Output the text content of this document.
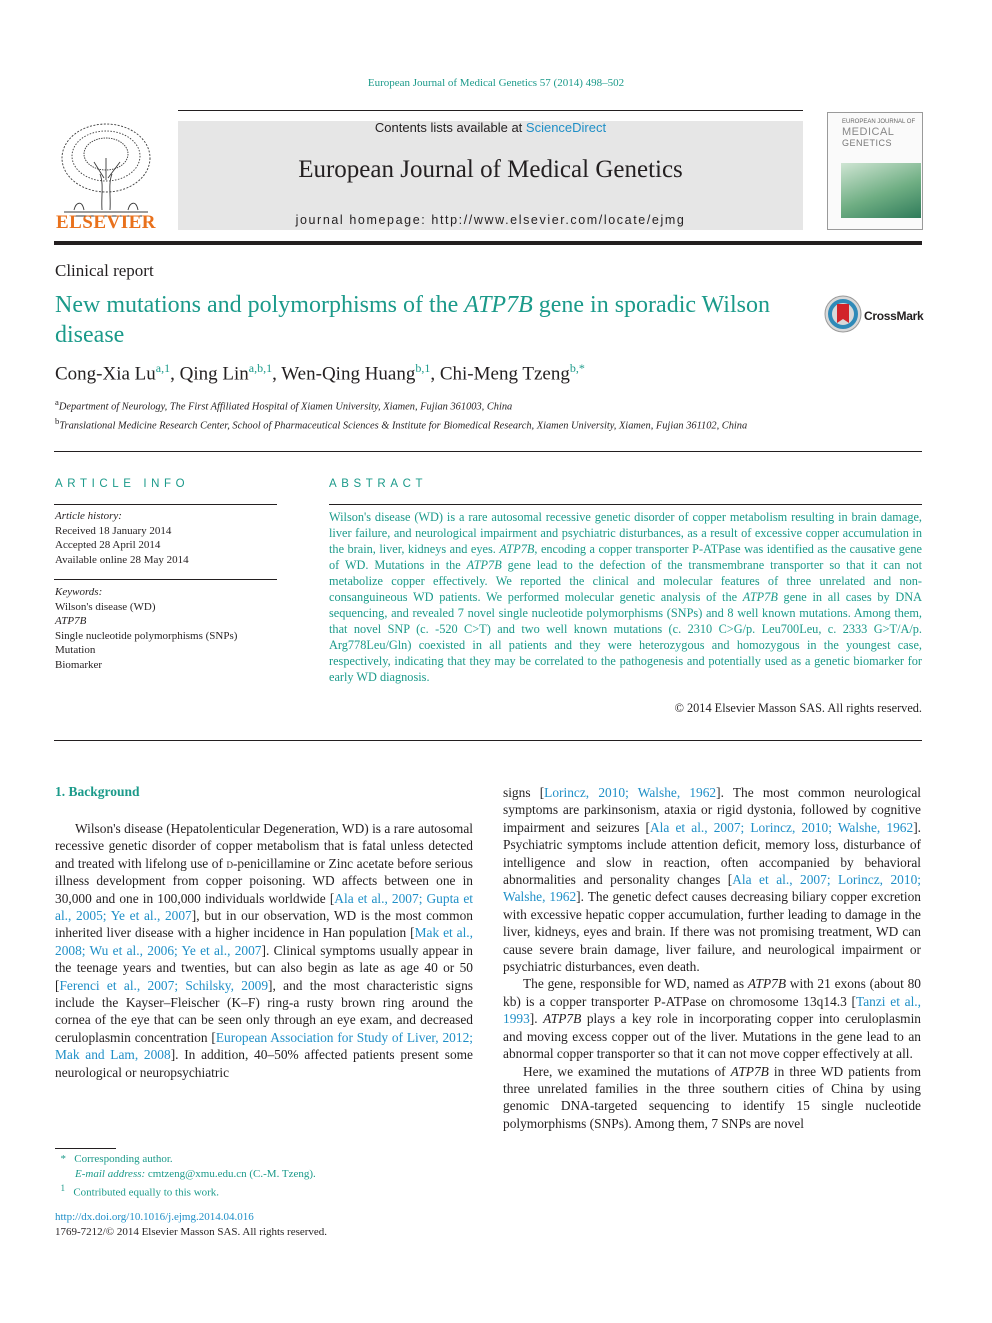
European Journal of Medical Genetics 57 (2014) 498–502
ELSEVIER
Contents lists available at ScienceDirect
European Journal of Medical Genetics
journal homepage: http://www.elsevier.com/locate/ejmg
EUROPEAN JOURNAL OF
MEDICAL
GENETICS
Clinical report
New mutations and polymorphisms of the ATP7B gene in sporadic Wilson disease
CrossMark
Cong-Xia Lu$^{a,1}$, Qing Lin$^{a,b,1}$, Wen-Qing Huang$^{b,1}$, Chi-Meng Tzeng$^{b,*}$
$^a$Department of Neurology, The First Affiliated Hospital of Xiamen University, Xiamen, Fujian 361003, China
$^b$Translational Medicine Research Center, School of Pharmaceutical Sciences & Institute for Biomedical Research, Xiamen University, Xiamen, Fujian 361102, China
ARTICLE INFO
Article history:
Received 18 January 2014
Accepted 28 April 2014
Available online 28 May 2014
Keywords:
Wilson's disease (WD)
ATP7B
Single nucleotide polymorphisms (SNPs)
Mutation
Biomarker
ABSTRACT
Wilson's disease (WD) is a rare autosomal recessive genetic disorder of copper metabolism resulting in brain damage, liver failure, and neurological impairment and psychiatric disturbances, as a result of excessive copper accumulation in the brain, liver, kidneys and eyes. ATP7B, encoding a copper transporter P-ATPase was identified as the causative gene of WD. Mutations in the ATP7B gene lead to the defection of the transmembrane transporter so that it can not metabolize copper effectively. We reported the clinical and molecular features of three unrelated and non-consanguineous WD patients. We performed molecular genetic analysis of the ATP7B gene in all cases by DNA sequencing, and revealed 7 novel single nucleotide polymorphisms (SNPs) and 8 well known mutations. Among them, that novel SNP (c. -520 C>T) and two well known mutations (c. 2310 C>G/p. Leu700Leu, c. 2333 G>T/A/p. Arg778Leu/Gln) coexisted in all patients and they were heterozygous and homozygous in the youngest case, respectively, indicating that they may be correlated to the pathogenesis and potentially used as a genetic biomarker for early WD diagnosis.
© 2014 Elsevier Masson SAS. All rights reserved.
1. Background

Wilson's disease (Hepatolenticular Degeneration, WD) is a rare autosomal recessive genetic disorder of copper metabolism that is fatal unless detected and treated with lifelong use of d-penicillamine or Zinc acetate before serious illness development from copper poisoning. WD affects between one in 30,000 and one in 100,000 individuals worldwide [Ala et al., 2007; Gupta et al., 2005; Ye et al., 2007], but in our observation, WD is the most common inherited liver disease with a higher incidence in Han population [Mak et al., 2008; Wu et al., 2006; Ye et al., 2007]. Clinical symptoms usually appear in the teenage years and twenties, but can also begin as late as age 40 or 50 [Ferenci et al., 2007; Schilsky, 2009], and the most characteristic signs include the Kayser–Fleischer (K–F) ring-a rusty brown ring around the cornea of the eye that can be seen only through an eye exam, and decreased ceruloplasmin concentration [European Association for Study of Liver, 2012; Mak and Lam, 2008]. In addition, 40–50% affected patients present some neurological or neuropsychiatric

signs [Lorincz, 2010; Walshe, 1962]. The most common neurological symptoms are parkinsonism, ataxia or rigid dystonia, followed by cognitive impairment and seizures [Ala et al., 2007; Lorincz, 2010; Walshe, 1962]. Psychiatric symptoms include attention deficit, memory loss, disturbance of intelligence and slow in reaction, often accompanied by behavioral abnormalities and personality changes [Ala et al., 2007; Lorincz, 2010; Walshe, 1962]. The genetic defect causes decreasing biliary copper excretion with excessive hepatic copper accumulation, further leading to damage in the liver, kidneys, eyes and brain. If there was not promising treatment, WD can cause severe brain damage, liver failure, and neurological impairment or psychiatric disturbances, even death.

The gene, responsible for WD, named as ATP7B with 21 exons (about 80 kb) is a copper transporter P-ATPase on chromosome 13q14.3 [Tanzi et al., 1993]. ATP7B plays a key role in incorporating copper into ceruloplasmin and moving excess copper out of the liver. Mutations in the gene lead to an abnormal copper transporter so that it can not move copper effectively at all.

Here, we examined the mutations of ATP7B in three WD patients from three unrelated families in the three southern cities of China by using genomic DNA-targeted sequencing to identify 15 single nucleotide polymorphisms (SNPs). Among them, 7 SNPs are novel

* Corresponding author.
E-mail address: cmtzeng@xmu.edu.cn (C.-M. Tzeng).
$^1$ Contributed equally to this work.
http://dx.doi.org/10.1016/j.ejmg.2014.04.016
1769-7212/© 2014 Elsevier Masson SAS. All rights reserved.
